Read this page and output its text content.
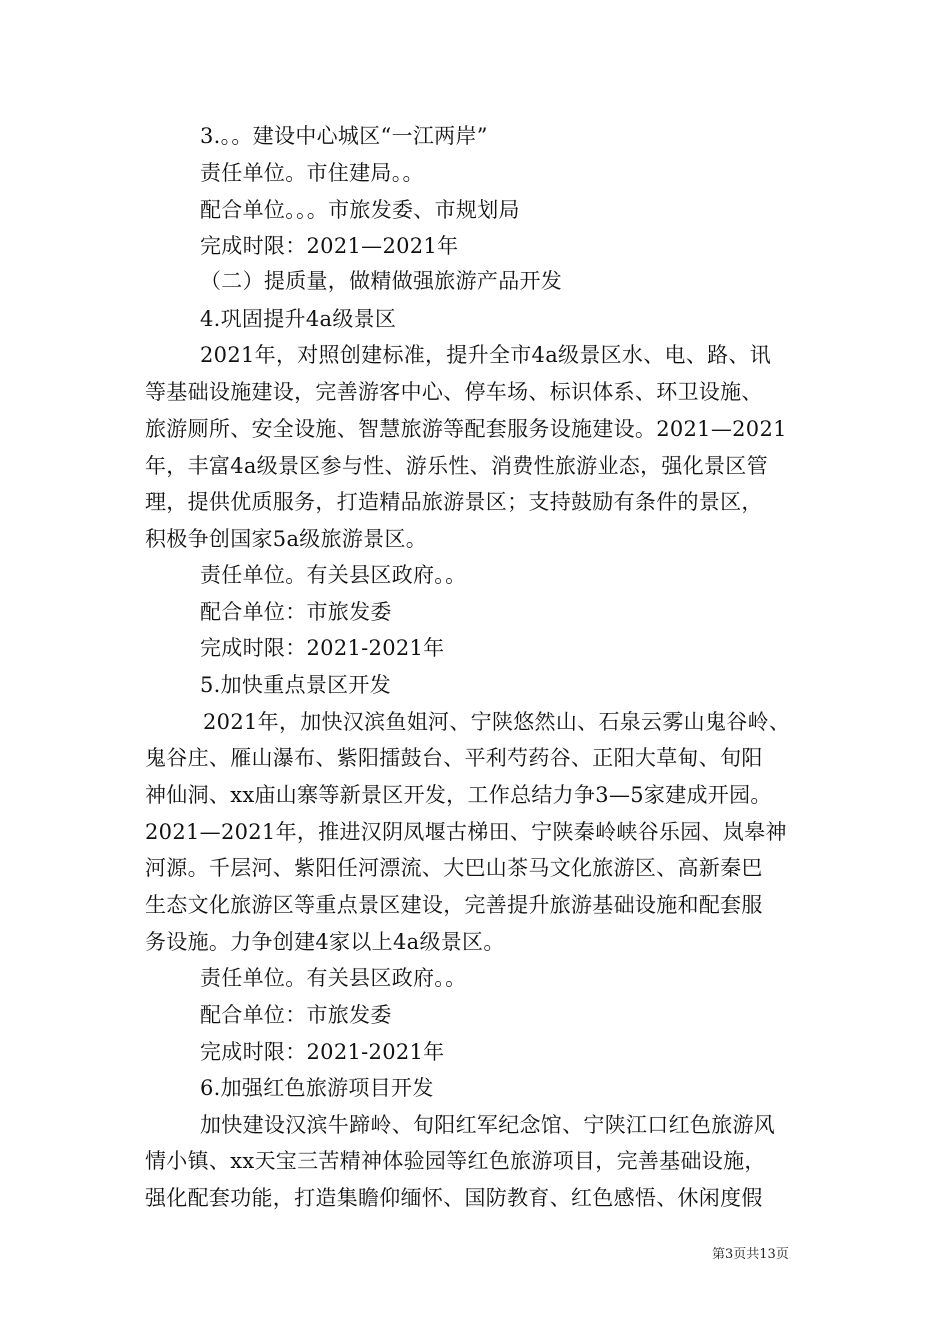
3.。。建设中心城区“一江两岸”
责任单位。市住建局。。
配合单位。。。市旅发委、市规划局
完成时限：2021—2021年
（二）提质量，做精做强旅游产品开发
4.巩固提升4a级景区
2021年，对照创建标准，提升全市4a级景区水、电、路、讯
等基础设施建设，完善游客中心、停车场、标识体系、环卫设施、
旅游厕所、安全设施、智慧旅游等配套服务设施建设。2021—2021
年，丰富4a级景区参与性、游乐性、消费性旅游业态，强化景区管
理，提供优质服务，打造精品旅游景区；支持鼓励有条件的景区，
积极争创国家5a级旅游景区。
责任单位。有关县区政府。。
配合单位：市旅发委
完成时限：2021-2021年
5.加快重点景区开发
2021年，加快汉滨鱼姐河、宁陕悠然山、石泉云雾山鬼谷岭、
鬼谷庄、雁山瀑布、紫阳擂鼓台、平利芍药谷、正阳大草甸、旬阳
神仙洞、xx庙山寨等新景区开发，工作总结力争3—5家建成开园。
2021—2021年，推进汉阴凤堰古梯田、宁陕秦岭峡谷乐园、岚皋神
河源。千层河、紫阳任河漂流、大巴山茶马文化旅游区、高新秦巴
生态文化旅游区等重点景区建设，完善提升旅游基础设施和配套服
务设施。力争创建4家以上4a级景区。
责任单位。有关县区政府。。
配合单位：市旅发委
完成时限：2021-2021年
6.加强红色旅游项目开发
加快建设汉滨牛蹄岭、旬阳红军纪念馆、宁陕江口红色旅游风
情小镇、xx天宝三苦精神体验园等红色旅游项目，完善基础设施，
强化配套功能，打造集瞻仰缅怀、国防教育、红色感悟、休闲度假
第3页共13页
